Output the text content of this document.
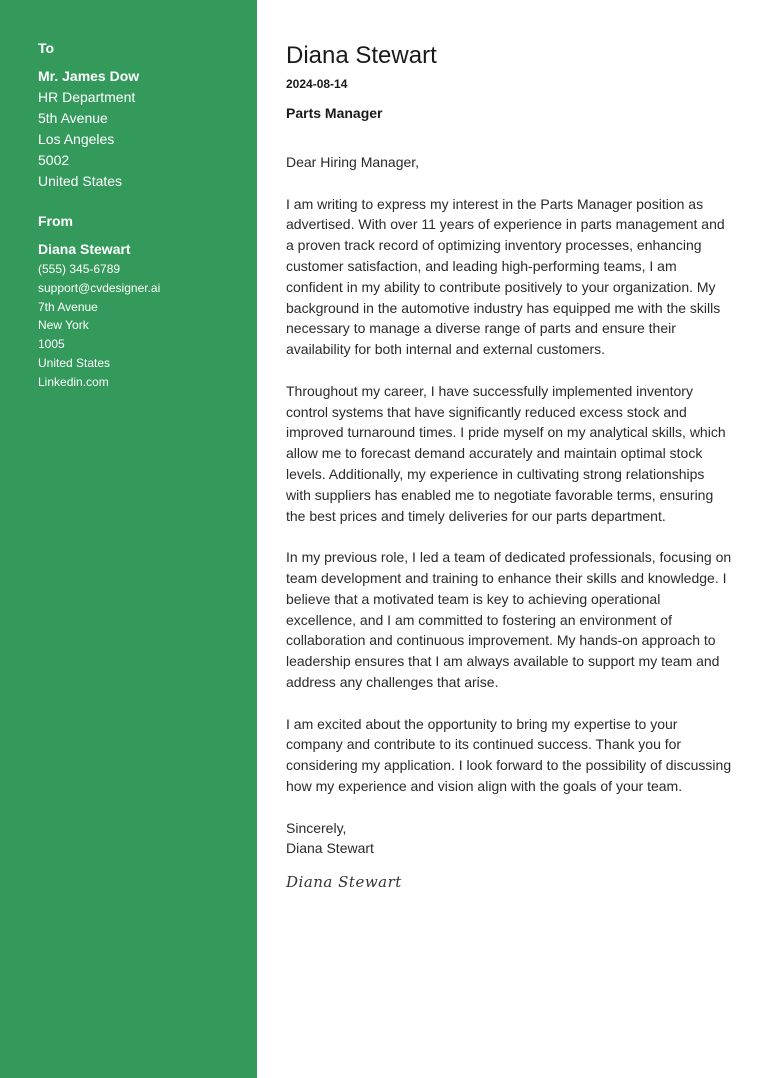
To
Mr. James Dow
HR Department
5th Avenue
Los Angeles
5002
United States
From
Diana Stewart
(555) 345-6789
support@cvdesigner.ai
7th Avenue
New York
1005
United States
Linkedin.com
Diana Stewart
2024-08-14
Parts Manager

Dear Hiring Manager,

I am writing to express my interest in the Parts Manager position as advertised. With over 11 years of experience in parts management and a proven track record of optimizing inventory processes, enhancing customer satisfaction, and leading high-performing teams, I am confident in my ability to contribute positively to your organization. My background in the automotive industry has equipped me with the skills necessary to manage a diverse range of parts and ensure their availability for both internal and external customers.

Throughout my career, I have successfully implemented inventory control systems that have significantly reduced excess stock and improved turnaround times. I pride myself on my analytical skills, which allow me to forecast demand accurately and maintain optimal stock levels. Additionally, my experience in cultivating strong relationships with suppliers has enabled me to negotiate favorable terms, ensuring the best prices and timely deliveries for our parts department.

In my previous role, I led a team of dedicated professionals, focusing on team development and training to enhance their skills and knowledge. I believe that a motivated team is key to achieving operational excellence, and I am committed to fostering an environment of collaboration and continuous improvement. My hands-on approach to leadership ensures that I am always available to support my team and address any challenges that arise.

I am excited about the opportunity to bring my expertise to your company and contribute to its continued success. Thank you for considering my application. I look forward to the possibility of discussing how my experience and vision align with the goals of your team.

Sincerely,
Diana Stewart
Diana Stewart
